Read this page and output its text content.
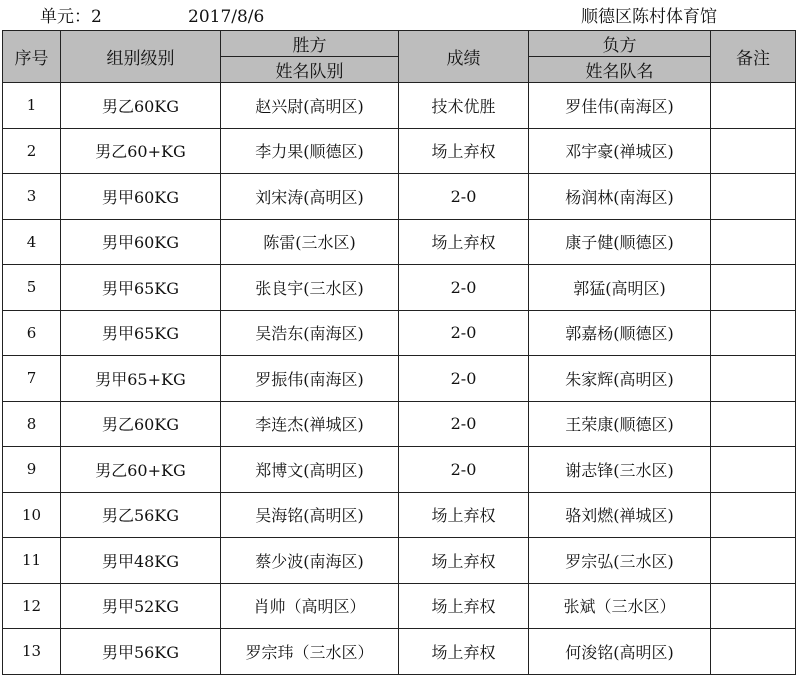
单元：2	2017/8/6	顺德区陈村体育馆
序号	组别级别	胜方	成绩	负方	备注
		姓名队别		姓名队名	
1	男乙60KG	赵兴尉(高明区)	技术优胜	罗佳伟(南海区)	
2	男乙60+KG	李力果(顺德区)	场上弃权	邓宇豪(禅城区)	
3	男甲60KG	刘宋涛(高明区)	2-0	杨润林(南海区)	
4	男甲60KG	陈雷(三水区)	场上弃权	康子健(顺德区)	
5	男甲65KG	张良宇(三水区)	2-0	郭猛(高明区)	
6	男甲65KG	吴浩东(南海区)	2-0	郭嘉杨(顺德区)	
7	男甲65+KG	罗振伟(南海区)	2-0	朱家辉(高明区)	
8	男乙60KG	李连杰(禅城区)	2-0	王荣康(顺德区)	
9	男乙60+KG	郑博文(高明区)	2-0	谢志锋(三水区)	
10	男乙56KG	吴海铭(高明区)	场上弃权	骆刘燃(禅城区)	
11	男甲48KG	蔡少波(南海区)	场上弃权	罗宗弘(三水区)	
12	男甲52KG	肖帅（高明区）	场上弃权	张斌（三水区）	
13	男甲56KG	罗宗玮（三水区）	场上弃权	何浚铭(高明区)	
